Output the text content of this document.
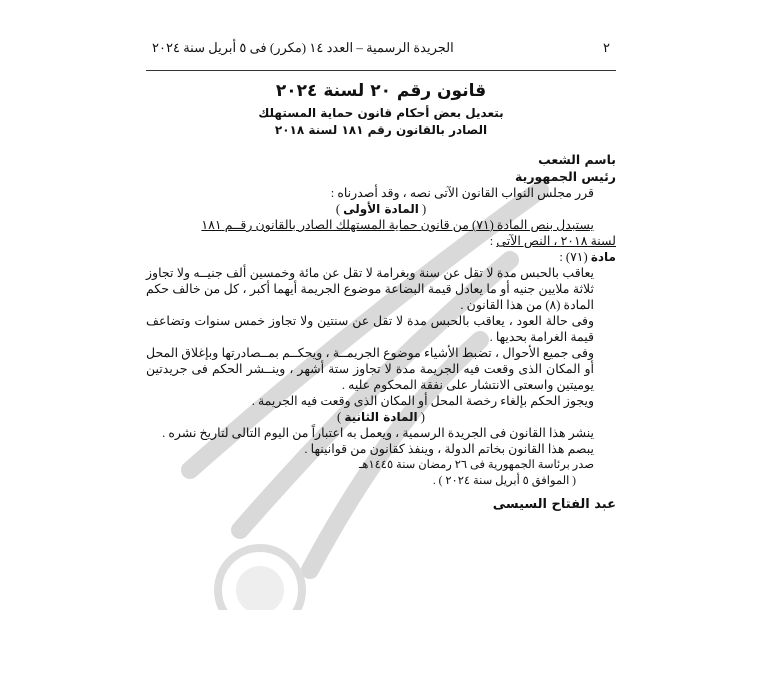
٢
الجريدة الرسمية – العدد ١٤ (مكرر) فى ٥ أبريل سنة ٢٠٢٤
قانون رقم ٢٠ لسنة ٢٠٢٤
بتعديل بعض أحكام قانون حماية المستهلك
الصادر بالقانون رقم ١٨١ لسنة ٢٠١٨
باسم الشعب
رئيس الجمهورية
قرر مجلس النواب القانون الآتى نصه ، وقد أصدرناه :
( المادة الأولى )
يستبدل بنص المادة (٧١) من قانون حماية المستهلك الصادر بالقانون رقــم ١٨١
لسنة ٢٠١٨ ، النص الآتى :
مادة (٧١) :
يعاقب بالحبس مدة لا تقل عن سنة وبغرامة لا تقل عن مائة وخمسين ألف جنيــه ولا تجاوز ثلاثة ملايين جنيه أو ما يعادل قيمة البضاعة موضوع الجريمة أيهما أكبر ، كل من خالف حكم المادة (٨) من هذا القانون .
وفى حالة العود ، يعاقب بالحبس مدة لا تقل عن سنتين ولا تجاوز خمس سنوات وتضاعف قيمة الغرامة بحديها .
وفى جميع الأحوال ، تضبط الأشياء موضوع الجريمــة ، ويحكــم بمــصادرتها وبإغلاق المحل أو المكان الذى وقعت فيه الجريمة مدة لا تجاوز ستة أشهر ، وينــشر الحكم فى جريدتين يوميتين واسعتى الانتشار على نفقة المحكوم عليه .
ويجوز الحكم بإلغاء رخصة المحل أو المكان الذى وقعت فيه الجريمة .
( المادة الثانية )
ينشر هذا القانون فى الجريدة الرسمية ، ويعمل به اعتباراً من اليوم التالى لتاريخ نشره .
يبصم هذا القانون بخاتم الدولة ، وينفذ كقانون من قوانينها .
صدر برئاسة الجمهورية فى ٢٦ رمضان سنة ١٤٤٥هـ
( الموافق ٥ أبريل سنة ٢٠٢٤ ) .
عبد الفتاح السيسى
